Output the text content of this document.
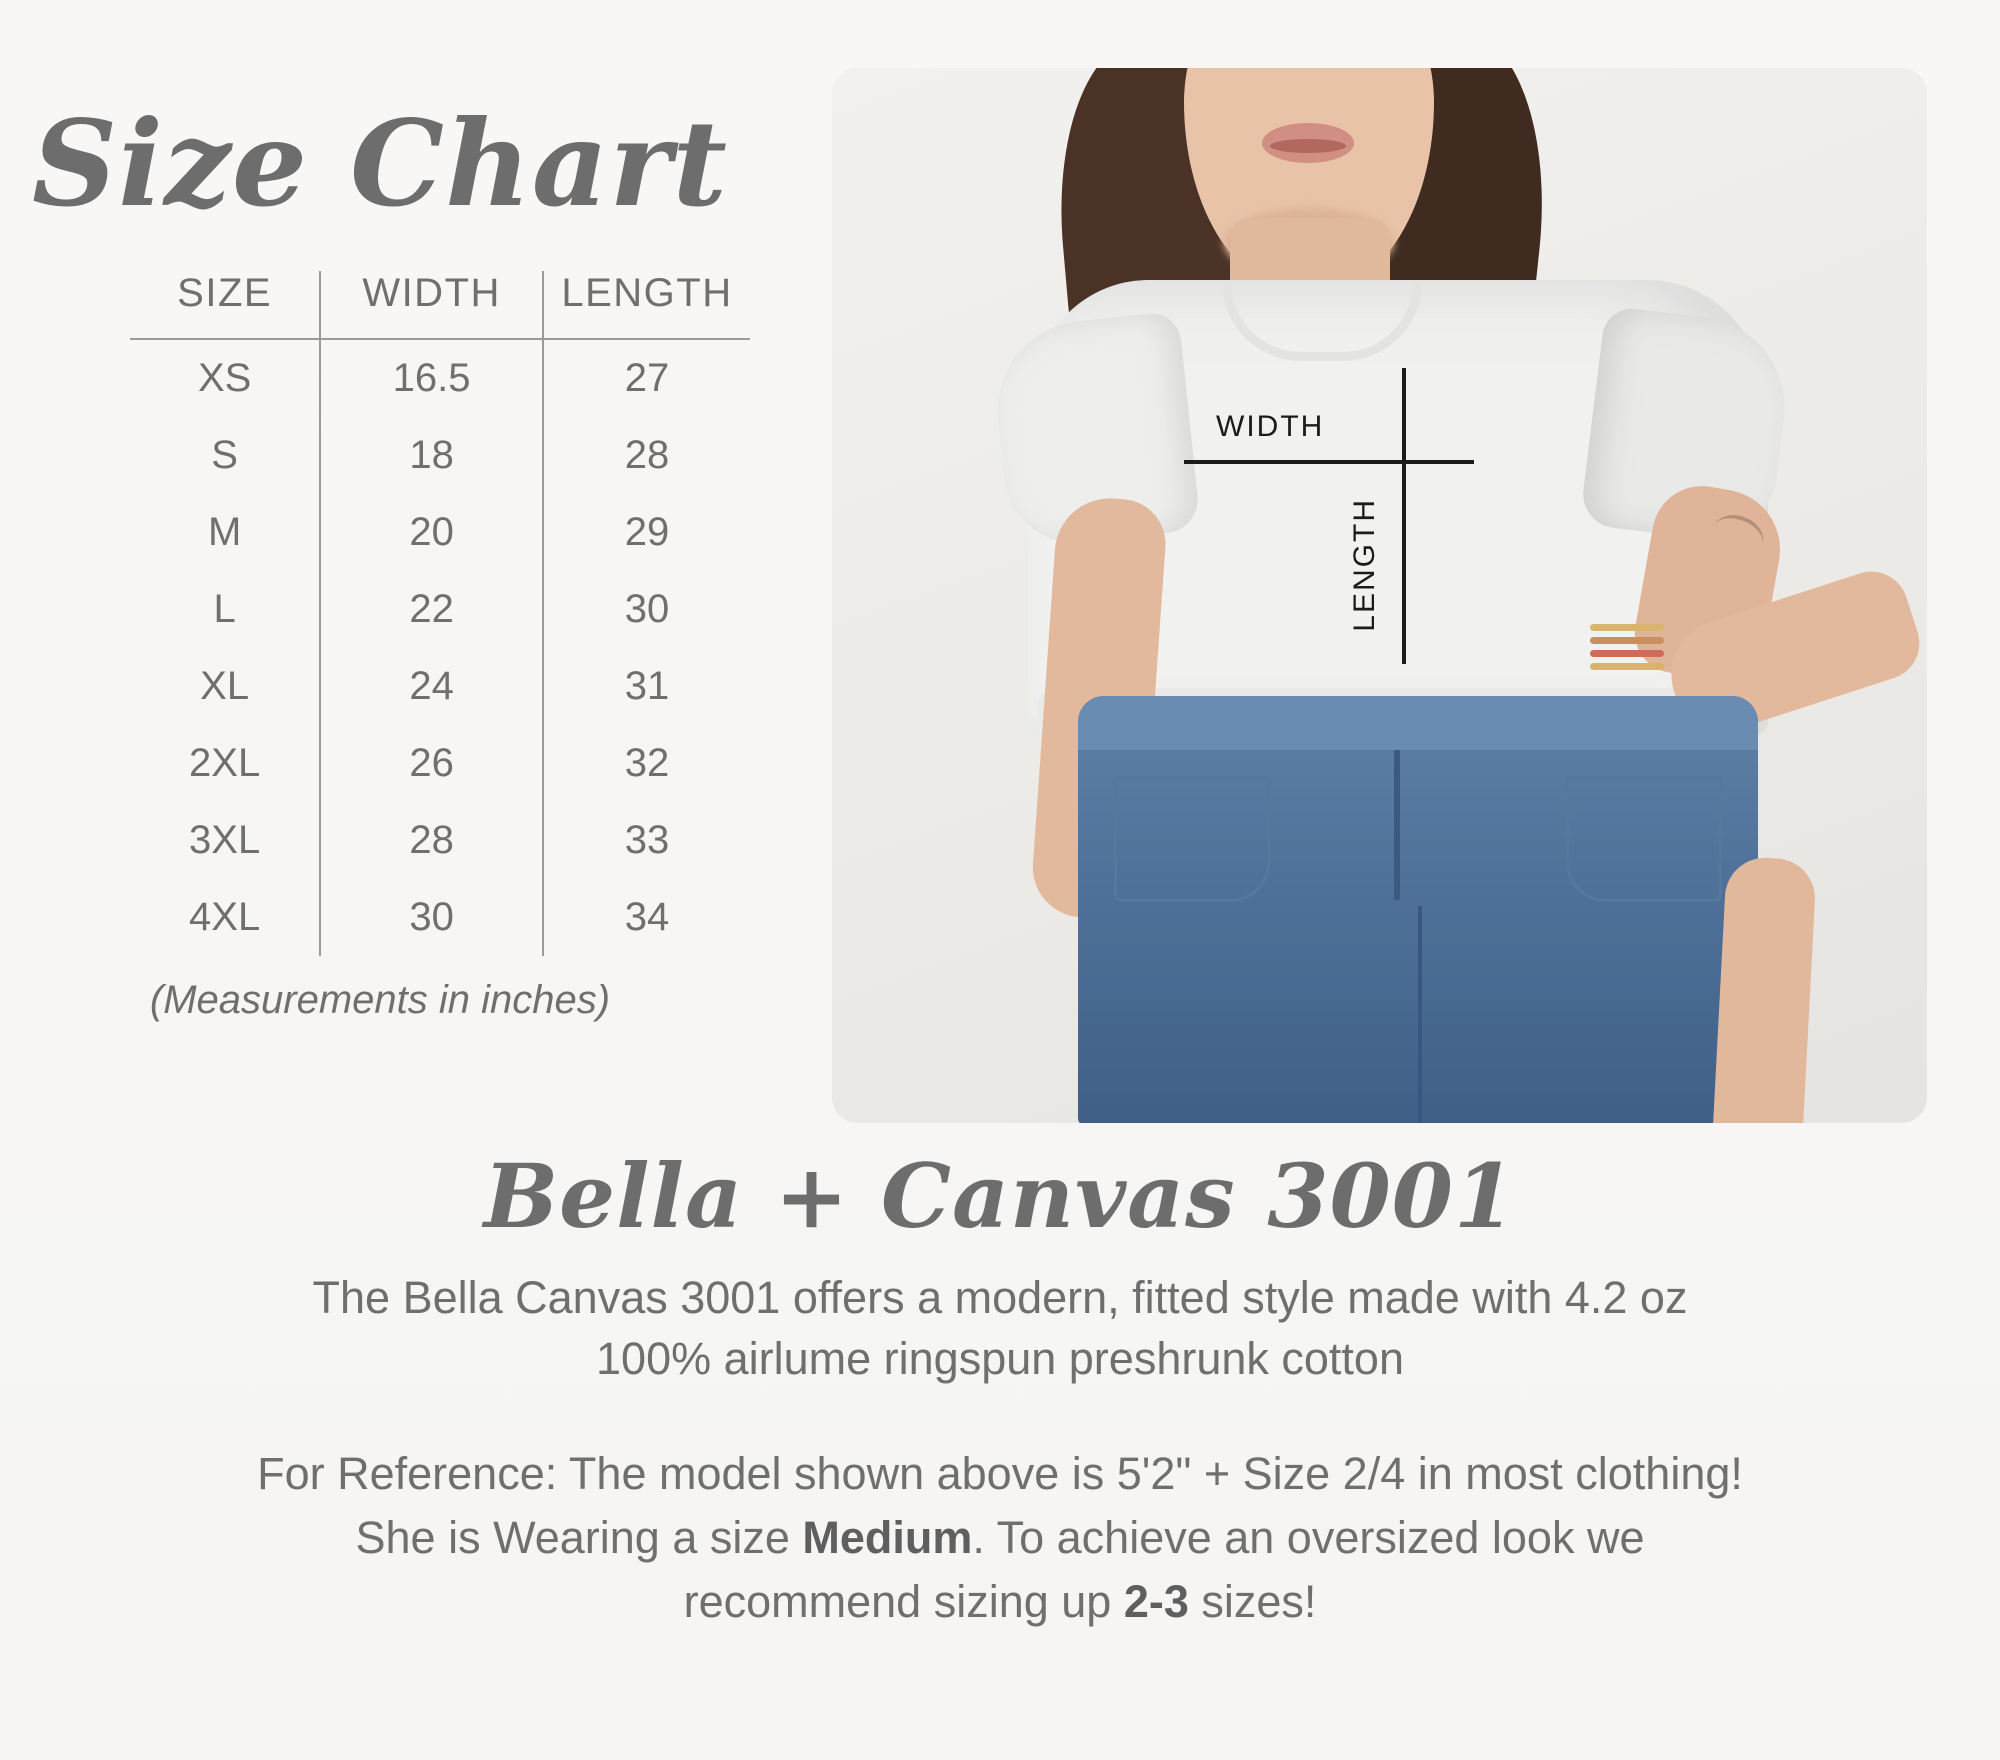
Size Chart
SIZE	WIDTH	LENGTH
XS	16.5	27
S	18	28
M	20	29
L	22	30
XL	24	31
2XL	26	32
3XL	28	33
4XL	30	34
(Measurements in inches)
WIDTH
LENGTH
Bella + Canvas 3001

The Bella Canvas 3001 offers a modern, fitted style made with 4.2 oz
100% airlume ringspun preshrunk cotton

For Reference: The model shown above is 5'2" + Size 2/4 in most clothing!
She is Wearing a size Medium. To achieve an oversized look we
recommend sizing up 2-3 sizes!
